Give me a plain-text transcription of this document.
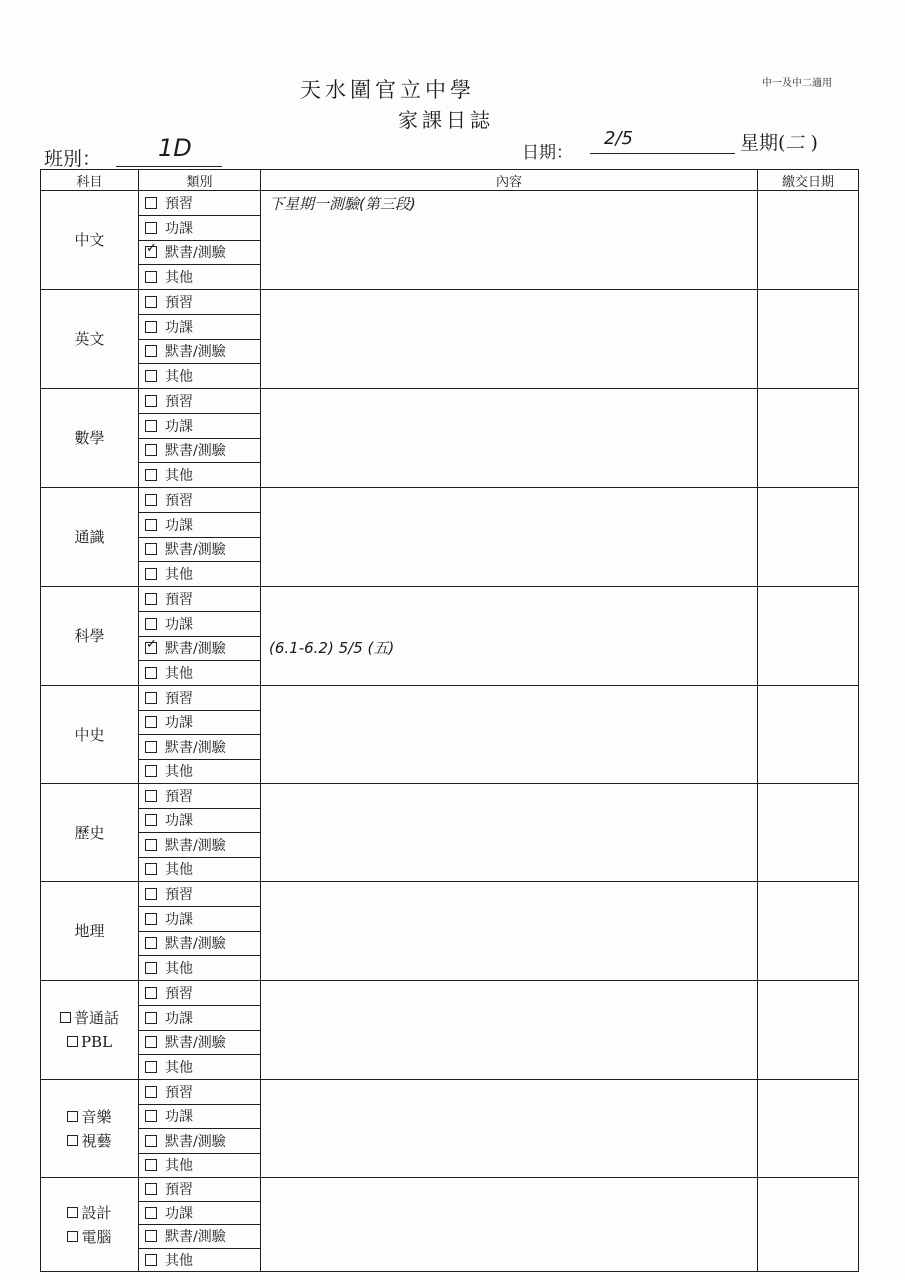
天水圍官立中學
家課日誌
中一及中二適用
班別： 1D	日期：
2/5	星期(二 )
科目	類別	內容	繳交日期

中文	預習	下星期一測驗(第三段)	

	功課		
✓默書/測驗
	其他		

英文	預習	

	功課		
	默書/測驗		
	其他		

數學	預習	

	功課		
	默書/測驗		
	其他		

通識	預習	

	功課		
	默書/測驗		
	其他		

科學	預習	(6.1-6.2) 5/5 (五)	

	功課		
✓默書/測驗
	其他		

中史	預習	

	功課		
	默書/測驗		
	其他		

歷史	預習	

	功課		
	默書/測驗		
	其他		

地理	預習	

	功課		
	默書/測驗		
	其他		

普通話
PBL	預習	

	功課		
	默書/測驗		
	其他		

音樂
視藝	預習	

	功課		
	默書/測驗		
	其他		

設計
電腦	預習	

	功課		
	默書/測驗		
	其他		
